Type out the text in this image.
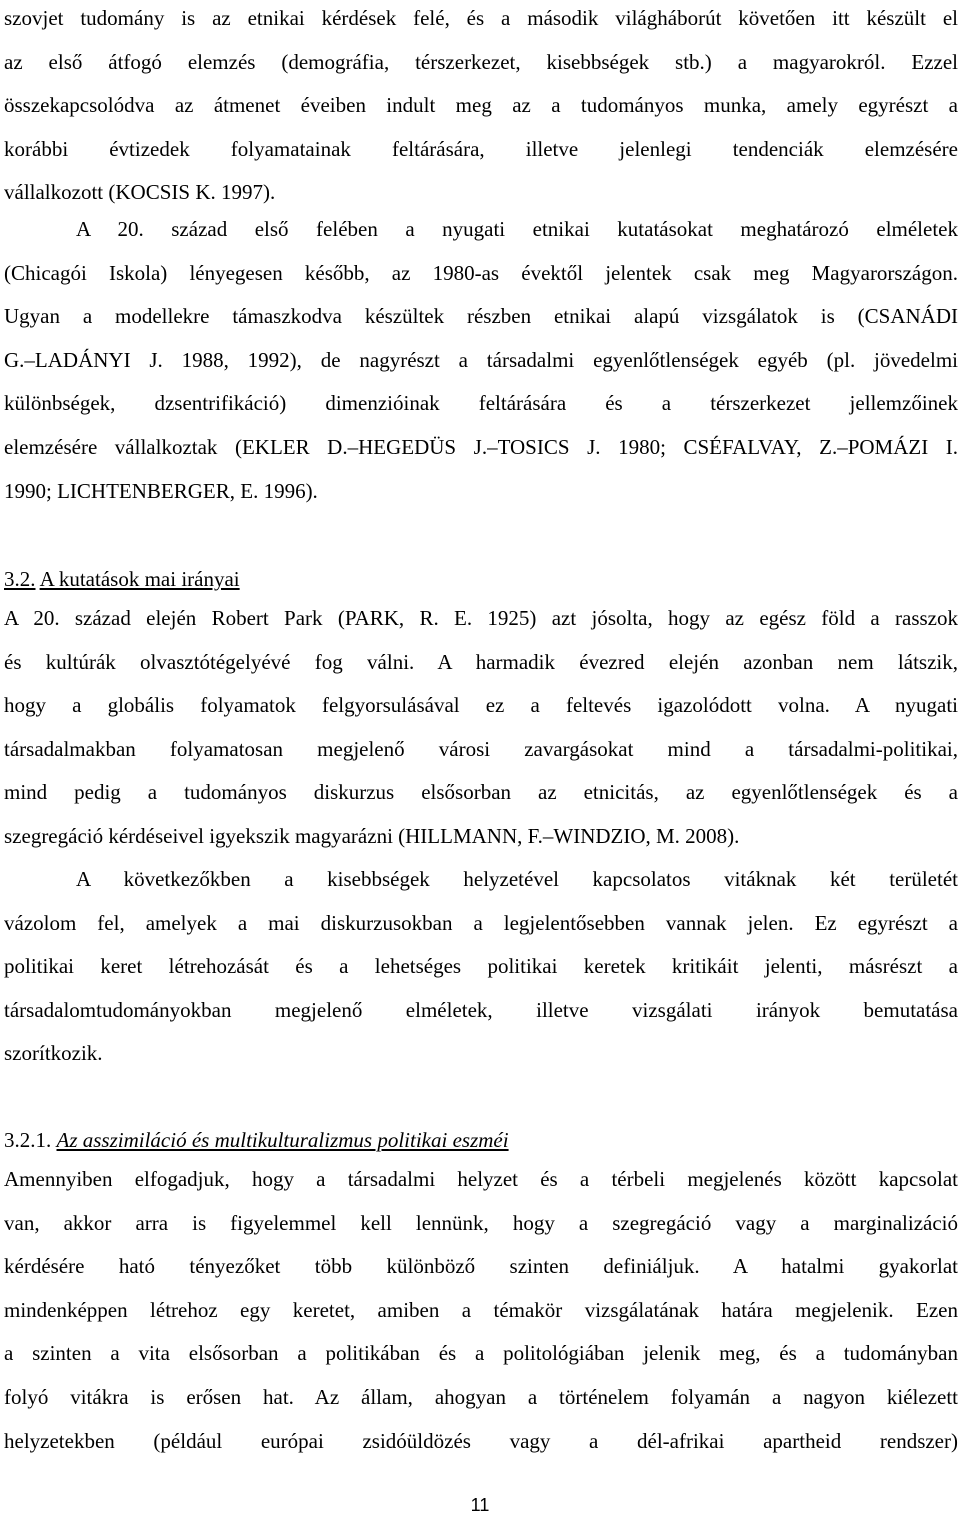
szovjet tudomány is az etnikai kérdések felé, és a második világháborút követően itt készült el
az első átfogó elemzés (demográfia, térszerkezet, kisebbségek stb.) a magyarokról. Ezzel
összekapcsolódva az átmenet éveiben indult meg az a tudományos munka, amely egyrészt a
korábbi évtizedek folyamatainak feltárására, illetve jelenlegi tendenciák elemzésére
vállalkozott (KOCSIS K. 1997).
A 20. század első felében a nyugati etnikai kutatásokat meghatározó elméletek
(Chicagói Iskola) lényegesen később, az 1980-as évektől jelentek csak meg Magyarországon.
Ugyan a modellekre támaszkodva készültek részben etnikai alapú vizsgálatok is (CSANÁDI
G.–LADÁNYI J. 1988, 1992), de nagyrészt a társadalmi egyenlőtlenségek egyéb (pl. jövedelmi
különbségek, dzsentrifikáció) dimenzióinak feltárására és a térszerkezet jellemzőinek
elemzésére vállalkoztak (EKLER D.–HEGEDÜS J.–TOSICS J. 1980; CSÉFALVAY, Z.–POMÁZI I.
1990; LICHTENBERGER, E. 1996).
3.2. A kutatások mai irányai
A 20. század elején Robert Park (PARK, R. E. 1925) azt jósolta, hogy az egész föld a rasszok
és kultúrák olvasztótégelyévé fog válni. A harmadik évezred elején azonban nem látszik,
hogy a globális folyamatok felgyorsulásával ez a feltevés igazolódott volna. A nyugati
társadalmakban folyamatosan megjelenő városi zavargásokat mind a társadalmi-politikai,
mind pedig a tudományos diskurzus elsősorban az etnicitás, az egyenlőtlenségek és a
szegregáció kérdéseivel igyekszik magyarázni (HILLMANN, F.–WINDZIO, M. 2008).
A következőkben a kisebbségek helyzetével kapcsolatos vitáknak két területét
vázolom fel, amelyek a mai diskurzusokban a legjelentősebben vannak jelen. Ez egyrészt a
politikai keret létrehozását és a lehetséges politikai keretek kritikáit jelenti, másrészt a
társadalomtudományokban megjelenő elméletek, illetve vizsgálati irányok bemutatása
szorítkozik.
3.2.1. Az asszimiláció és multikulturalizmus politikai eszméi
Amennyiben elfogadjuk, hogy a társadalmi helyzet és a térbeli megjelenés között kapcsolat
van, akkor arra is figyelemmel kell lennünk, hogy a szegregáció vagy a marginalizáció
kérdésére ható tényezőket több különböző szinten definiáljuk. A hatalmi gyakorlat
mindenképpen létrehoz egy keretet, amiben a témakör vizsgálatának határa megjelenik. Ezen
a szinten a vita elsősorban a politikában és a politológiában jelenik meg, és a tudományban
folyó vitákra is erősen hat. Az állam, ahogyan a történelem folyamán a nagyon kiélezett
helyzetekben (például európai zsidóüldözés vagy a dél-afrikai apartheid rendszer)
11
